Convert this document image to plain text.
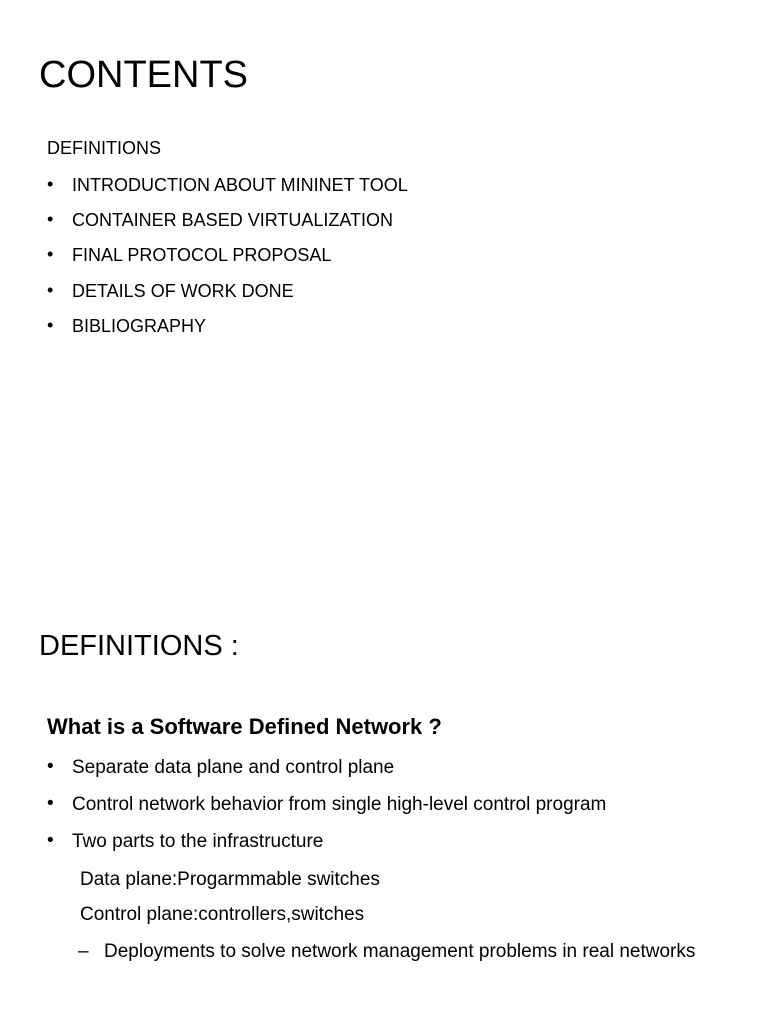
CONTENTS
DEFINITIONS
• INTRODUCTION ABOUT MININET TOOL
• CONTAINER BASED VIRTUALIZATION
• FINAL PROTOCOL PROPOSAL
• DETAILS OF WORK DONE
• BIBLIOGRAPHY
DEFINITIONS :
What is a Software Defined Network ?
• Separate data plane and control plane
• Control network behavior from single high-level control program
• Two parts to the infrastructure
Data plane:Progarmmable switches
Control plane:controllers,switches
– Deployments to solve network management problems in real networks
